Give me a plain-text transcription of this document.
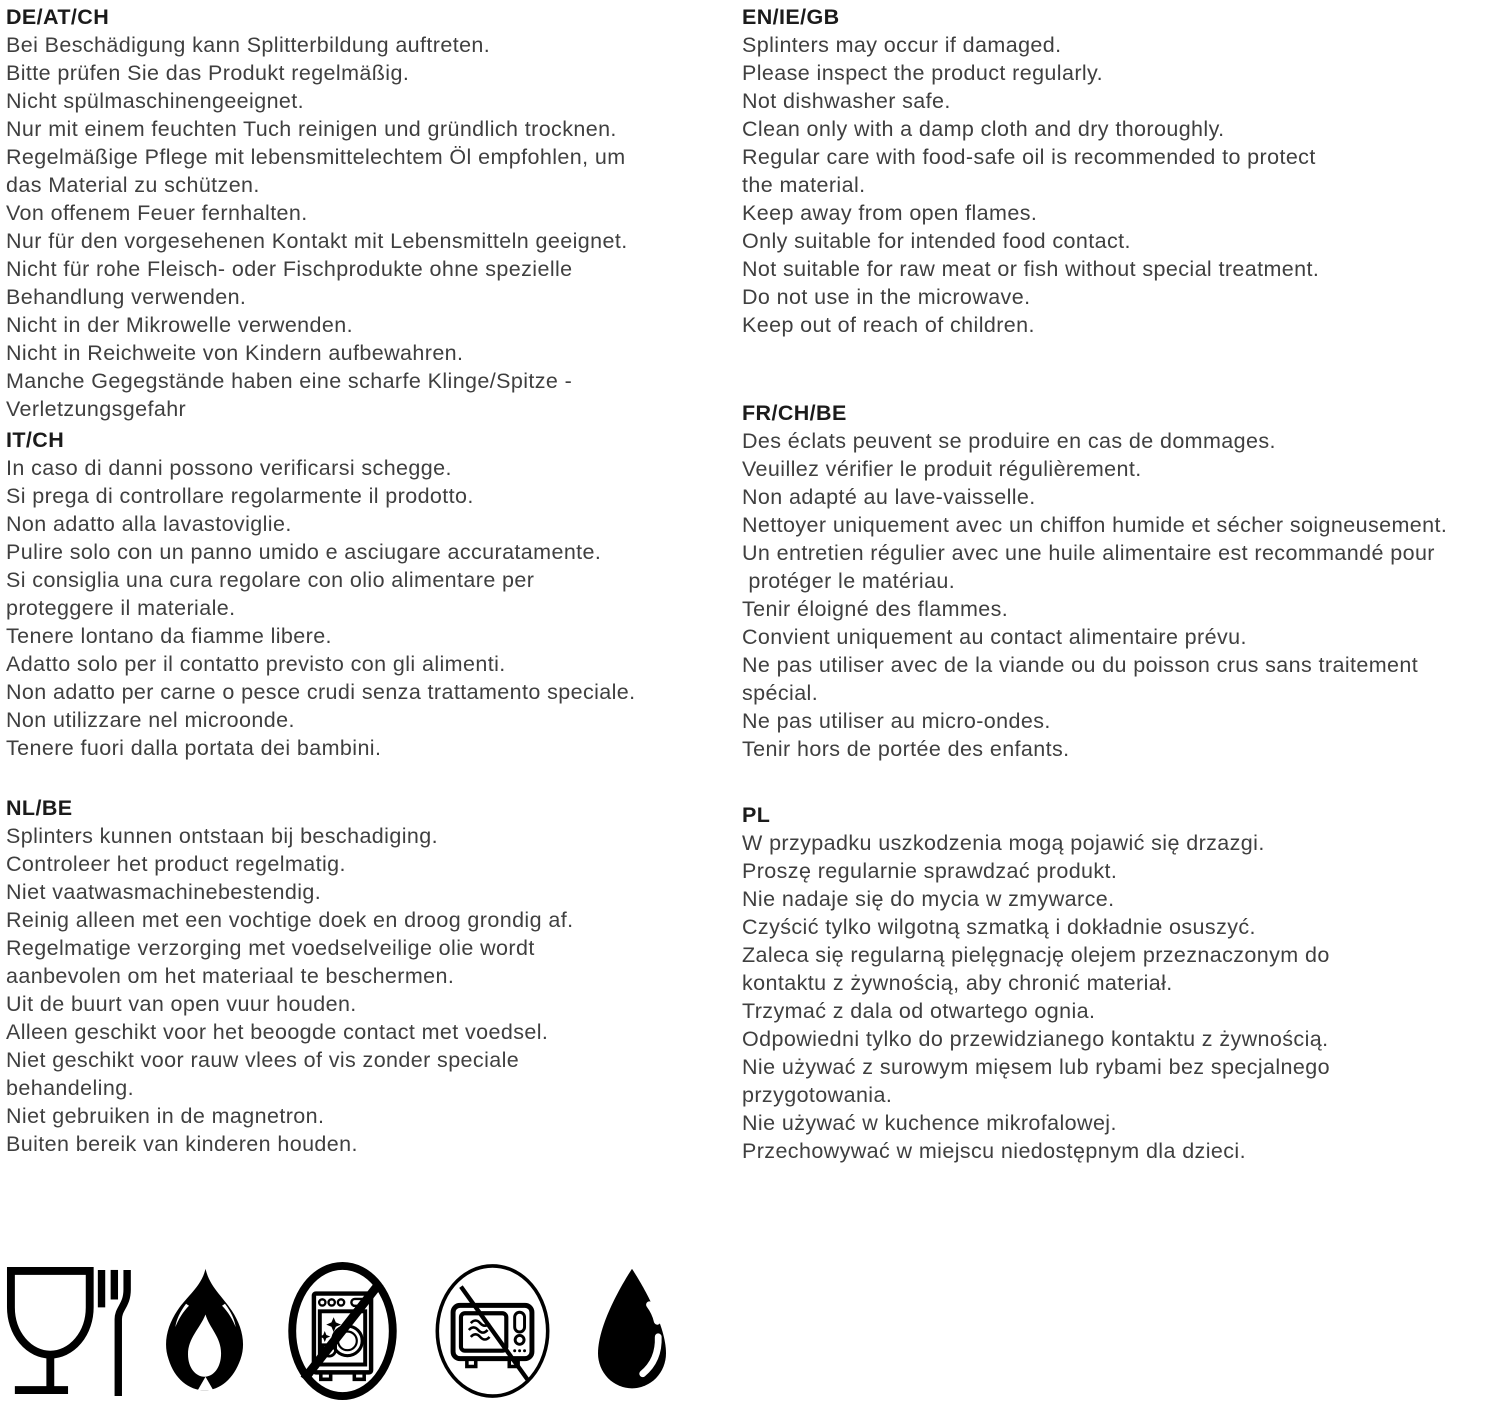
DE/AT/CH
Bei Beschädigung kann Splitterbildung auftreten.
Bitte prüfen Sie das Produkt regelmäßig.
Nicht spülmaschinengeeignet.
Nur mit einem feuchten Tuch reinigen und gründlich trocknen.
Regelmäßige Pflege mit lebensmittelechtem Öl empfohlen, um
das Material zu schützen.
Von offenem Feuer fernhalten.
Nur für den vorgesehenen Kontakt mit Lebensmitteln geeignet.
Nicht für rohe Fleisch- oder Fischprodukte ohne spezielle
Behandlung verwenden.
Nicht in der Mikrowelle verwenden.
Nicht in Reichweite von Kindern aufbewahren.
Manche Gegegstände haben eine scharfe Klinge/Spitze -
Verletzungsgefahr
IT/CH
In caso di danni possono verificarsi schegge.
Si prega di controllare regolarmente il prodotto.
Non adatto alla lavastoviglie.
Pulire solo con un panno umido e asciugare accuratamente.
Si consiglia una cura regolare con olio alimentare per
proteggere il materiale.
Tenere lontano da fiamme libere.
Adatto solo per il contatto previsto con gli alimenti.
Non adatto per carne o pesce crudi senza trattamento speciale.
Non utilizzare nel microonde.
Tenere fuori dalla portata dei bambini.
NL/BE
Splinters kunnen ontstaan bij beschadiging.
Controleer het product regelmatig.
Niet vaatwasmachinebestendig.
Reinig alleen met een vochtige doek en droog grondig af.
Regelmatige verzorging met voedselveilige olie wordt
aanbevolen om het materiaal te beschermen.
Uit de buurt van open vuur houden.
Alleen geschikt voor het beoogde contact met voedsel.
Niet geschikt voor rauw vlees of vis zonder speciale
behandeling.
Niet gebruiken in de magnetron.
Buiten bereik van kinderen houden.
EN/IE/GB
Splinters may occur if damaged.
Please inspect the product regularly.
Not dishwasher safe.
Clean only with a damp cloth and dry thoroughly.
Regular care with food-safe oil is recommended to protect
the material.
Keep away from open flames.
Only suitable for intended food contact.
Not suitable for raw meat or fish without special treatment.
Do not use in the microwave.
Keep out of reach of children.
FR/CH/BE
Des éclats peuvent se produire en cas de dommages.
Veuillez vérifier le produit régulièrement.
Non adapté au lave-vaisselle.
Nettoyer uniquement avec un chiffon humide et sécher soigneusement.
Un entretien régulier avec une huile alimentaire est recommandé pour
protéger le matériau.
Tenir éloigné des flammes.
Convient uniquement au contact alimentaire prévu.
Ne pas utiliser avec de la viande ou du poisson crus sans traitement
spécial.
Ne pas utiliser au micro-ondes.
Tenir hors de portée des enfants.
PL
W przypadku uszkodzenia mogą pojawić się drzazgi.
Proszę regularnie sprawdzać produkt.
Nie nadaje się do mycia w zmywarce.
Czyścić tylko wilgotną szmatką i dokładnie osuszyć.
Zaleca się regularną pielęgnację olejem przeznaczonym do
kontaktu z żywnością, aby chronić materiał.
Trzymać z dala od otwartego ognia.
Odpowiedni tylko do przewidzianego kontaktu z żywnością.
Nie używać z surowym mięsem lub rybami bez specjalnego
przygotowania.
Nie używać w kuchence mikrofalowej.
Przechowywać w miejscu niedostępnym dla dzieci.
